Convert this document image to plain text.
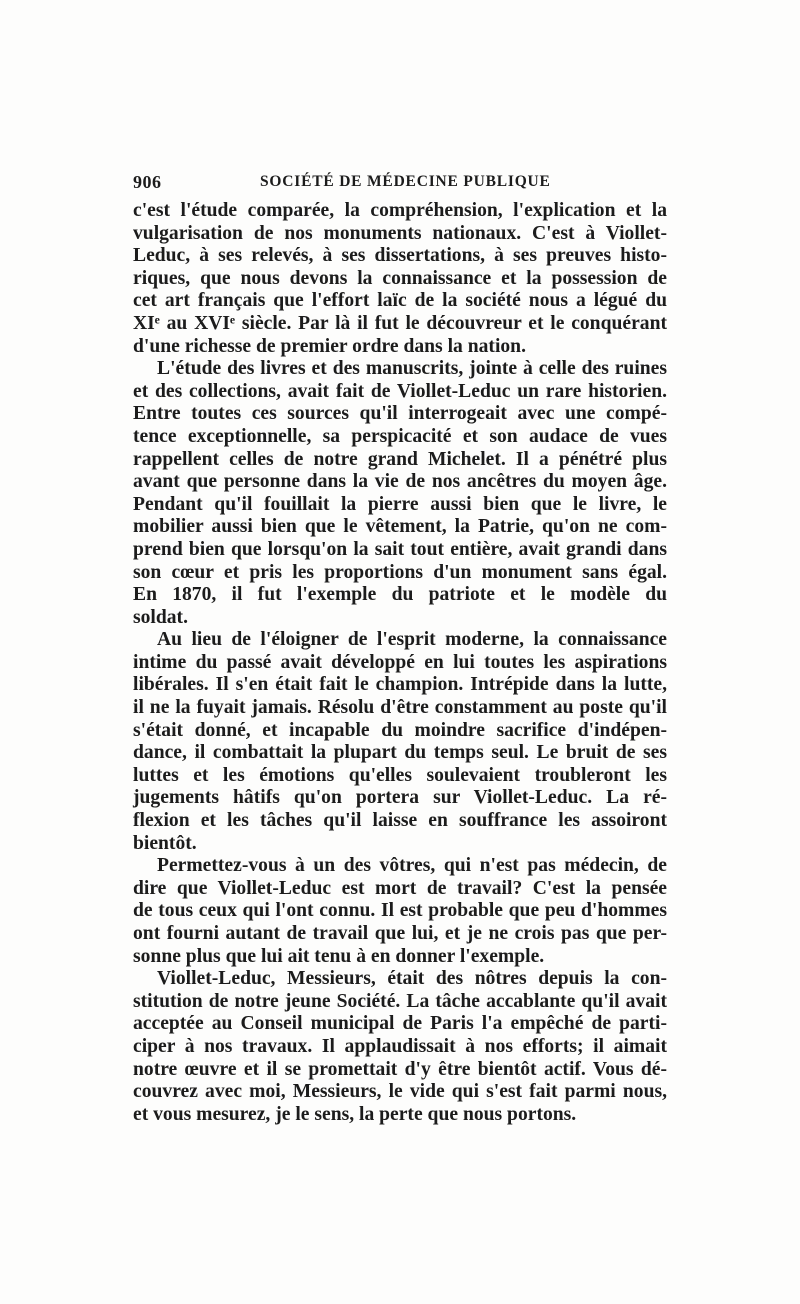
906	SOCIÉTÉ DE MÉDECINE PUBLIQUE
c'est l'étude comparée, la compréhension, l'explication et la
vulgarisation de nos monuments nationaux. C'est à Viollet-
Leduc, à ses relevés, à ses dissertations, à ses preuves histo-
riques, que nous devons la connaissance et la possession de
cet art français que l'effort laïc de la société nous a légué du
XIᵉ au XVIᵉ siècle. Par là il fut le découvreur et le conquérant
d'une richesse de premier ordre dans la nation.
L'étude des livres et des manuscrits, jointe à celle des ruines
et des collections, avait fait de Viollet-Leduc un rare historien.
Entre toutes ces sources qu'il interrogeait avec une compé-
tence exceptionnelle, sa perspicacité et son audace de vues
rappellent celles de notre grand Michelet. Il a pénétré plus
avant que personne dans la vie de nos ancêtres du moyen âge.
Pendant qu'il fouillait la pierre aussi bien que le livre, le
mobilier aussi bien que le vêtement, la Patrie, qu'on ne com-
prend bien que lorsqu'on la sait tout entière, avait grandi dans
son cœur et pris les proportions d'un monument sans égal.
En 1870, il fut l'exemple du patriote et le modèle du
soldat.
Au lieu de l'éloigner de l'esprit moderne, la connaissance
intime du passé avait développé en lui toutes les aspirations
libérales. Il s'en était fait le champion. Intrépide dans la lutte,
il ne la fuyait jamais. Résolu d'être constamment au poste qu'il
s'était donné, et incapable du moindre sacrifice d'indépen-
dance, il combattait la plupart du temps seul. Le bruit de ses
luttes et les émotions qu'elles soulevaient troubleront les
jugements hâtifs qu'on portera sur Viollet-Leduc. La ré-
flexion et les tâches qu'il laisse en souffrance les assoiront
bientôt.
Permettez-vous à un des vôtres, qui n'est pas médecin, de
dire que Viollet-Leduc est mort de travail? C'est la pensée
de tous ceux qui l'ont connu. Il est probable que peu d'hommes
ont fourni autant de travail que lui, et je ne crois pas que per-
sonne plus que lui ait tenu à en donner l'exemple.
Viollet-Leduc, Messieurs, était des nôtres depuis la con-
stitution de notre jeune Société. La tâche accablante qu'il avait
acceptée au Conseil municipal de Paris l'a empêché de parti-
ciper à nos travaux. Il applaudissait à nos efforts; il aimait
notre œuvre et il se promettait d'y être bientôt actif. Vous dé-
couvrez avec moi, Messieurs, le vide qui s'est fait parmi nous,
et vous mesurez, je le sens, la perte que nous portons.
